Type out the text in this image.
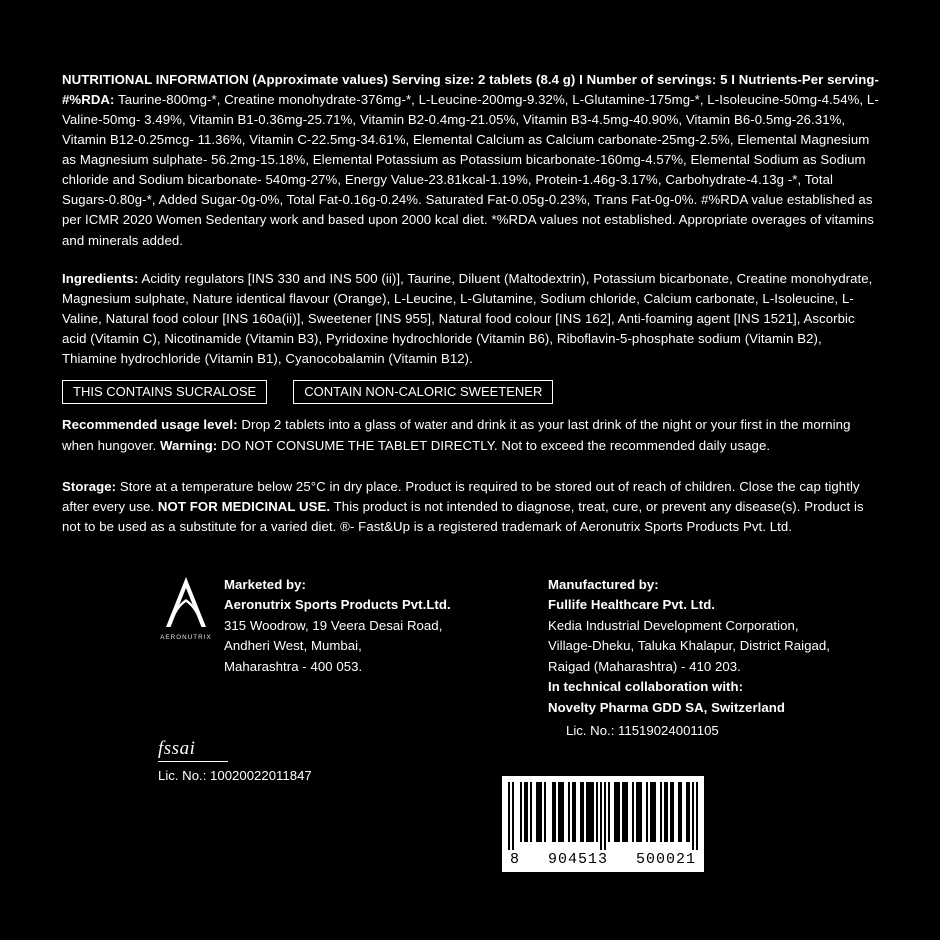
NUTRITIONAL INFORMATION (Approximate values) Serving size: 2 tablets (8.4 g) I Number of servings: 5 I Nutrients-Per serving-#%RDA: Taurine-800mg-*, Creatine monohydrate-376mg-*, L-Leucine-200mg-9.32%, L-Glutamine-175mg-*, L-Isoleucine-50mg-4.54%, L-Valine-50mg- 3.49%, Vitamin B1-0.36mg-25.71%, Vitamin B2-0.4mg-21.05%, Vitamin B3-4.5mg-40.90%, Vitamin B6-0.5mg-26.31%, Vitamin B12-0.25mcg- 11.36%, Vitamin C-22.5mg-34.61%, Elemental Calcium as Calcium carbonate-25mg-2.5%, Elemental Magnesium as Magnesium sulphate- 56.2mg-15.18%, Elemental Potassium as Potassium bicarbonate-160mg-4.57%, Elemental Sodium as Sodium chloride and Sodium bicarbonate- 540mg-27%, Energy Value-23.81kcal-1.19%, Protein-1.46g-3.17%, Carbohydrate-4.13g -*, Total Sugars-0.80g-*, Added Sugar-0g-0%, Total Fat-0.16g-0.24%. Saturated Fat-0.05g-0.23%, Trans Fat-0g-0%. #%RDA value established as per ICMR 2020 Women Sedentary work and based upon 2000 kcal diet. *%RDA values not established. Appropriate overages of vitamins and minerals added.
Ingredients: Acidity regulators [INS 330 and INS 500 (ii)], Taurine, Diluent (Maltodextrin), Potassium bicarbonate, Creatine monohydrate, Magnesium sulphate, Nature identical flavour (Orange), L-Leucine, L-Glutamine, Sodium chloride, Calcium carbonate, L-Isoleucine, L-Valine, Natural food colour [INS 160a(ii)], Sweetener [INS 955], Natural food colour [INS 162], Anti-foaming agent [INS 1521], Ascorbic acid (Vitamin C), Nicotinamide (Vitamin B3), Pyridoxine hydrochloride (Vitamin B6), Riboflavin-5-phosphate sodium (Vitamin B2), Thiamine hydrochloride (Vitamin B1), Cyanocobalamin (Vitamin B12).
THIS CONTAINS SUCRALOSE	CONTAIN NON-CALORIC SWEETENER
Recommended usage level: Drop 2 tablets into a glass of water and drink it as your last drink of the night or your first in the morning when hungover. Warning: DO NOT CONSUME THE TABLET DIRECTLY. Not to exceed the recommended daily usage.
Storage: Store at a temperature below 25°C in dry place. Product is required to be stored out of reach of children. Close the cap tightly after every use. NOT FOR MEDICINAL USE. This product is not intended to diagnose, treat, cure, or prevent any disease(s). Product is not to be used as a substitute for a varied diet. ®- Fast&Up is a registered trademark of Aeronutrix Sports Products Pvt. Ltd.
AERONUTRIX
Marketed by:
Aeronutrix Sports Products Pvt.Ltd.
315 Woodrow, 19 Veera Desai Road,
Andheri West, Mumbai,
Maharashtra - 400 053.
Manufactured by:
Fullife Healthcare Pvt. Ltd.
Kedia Industrial Development Corporation,
Village-Dheku, Taluka Khalapur, District Raigad,
Raigad (Maharashtra) - 410 203.
In technical collaboration with:
Novelty Pharma GDD SA, Switzerland
fssai
Lic. No.: 10020022011847
Lic. No.: 11519024001105
8 904513 500021
